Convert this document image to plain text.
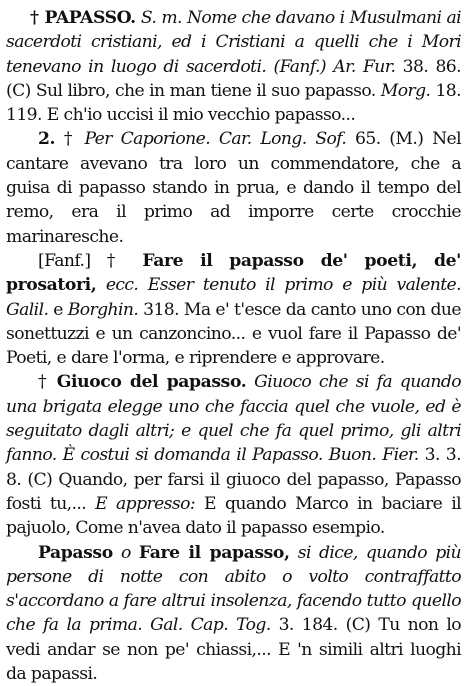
† PAPASSO. S. m. Nome che davano i Musulmani ai sacerdoti cristiani, ed i Cristiani a quelli che i Mori tenevano in luogo di sacerdoti. (Fanf.) Ar. Fur. 38. 86. (C) Sul libro, che in man tiene il suo papasso. Morg. 18. 119. E ch'io uccisi il mio vecchio papasso...

2. † Per Caporione. Car. Long. Sof. 65. (M.) Nel cantare avevano tra loro un commendatore, che a guisa di papasso stando in prua, e dando il tempo del remo, era il primo ad imporre certe crocchie marinaresche.

[Fanf.] † Fare il papasso de' poeti, de' prosatori, ecc. Esser tenuto il primo e più valente. Galil. e Borghin. 318. Ma e' t'esce da canto uno con due sonettuzzi e un canzoncino... e vuol fare il Papasso de' Poeti, e dare l'orma, e riprendere e approvare.

† Giuoco del papasso. Giuoco che si fa quando una brigata elegge uno che faccia quel che vuole, ed è seguitato dagli altri; e quel che fa quel primo, gli altri fanno. È costui si domanda il Papasso. Buon. Fier. 3. 3. 8. (C) Quando, per farsi il giuoco del papasso, Papasso fosti tu,... E appresso: E quando Marco in baciare il pajuolo, Come n'avea dato il papasso esempio.

Papasso o Fare il papasso, si dice, quando più persone di notte con abito o volto contraffatto s'accordano a fare altrui insolenza, facendo tutto quello che fa la prima. Gal. Cap. Tog. 3. 184. (C) Tu non lo vedi andar se non pe' chiassi,... E 'n simili altri luoghi da papassi.
